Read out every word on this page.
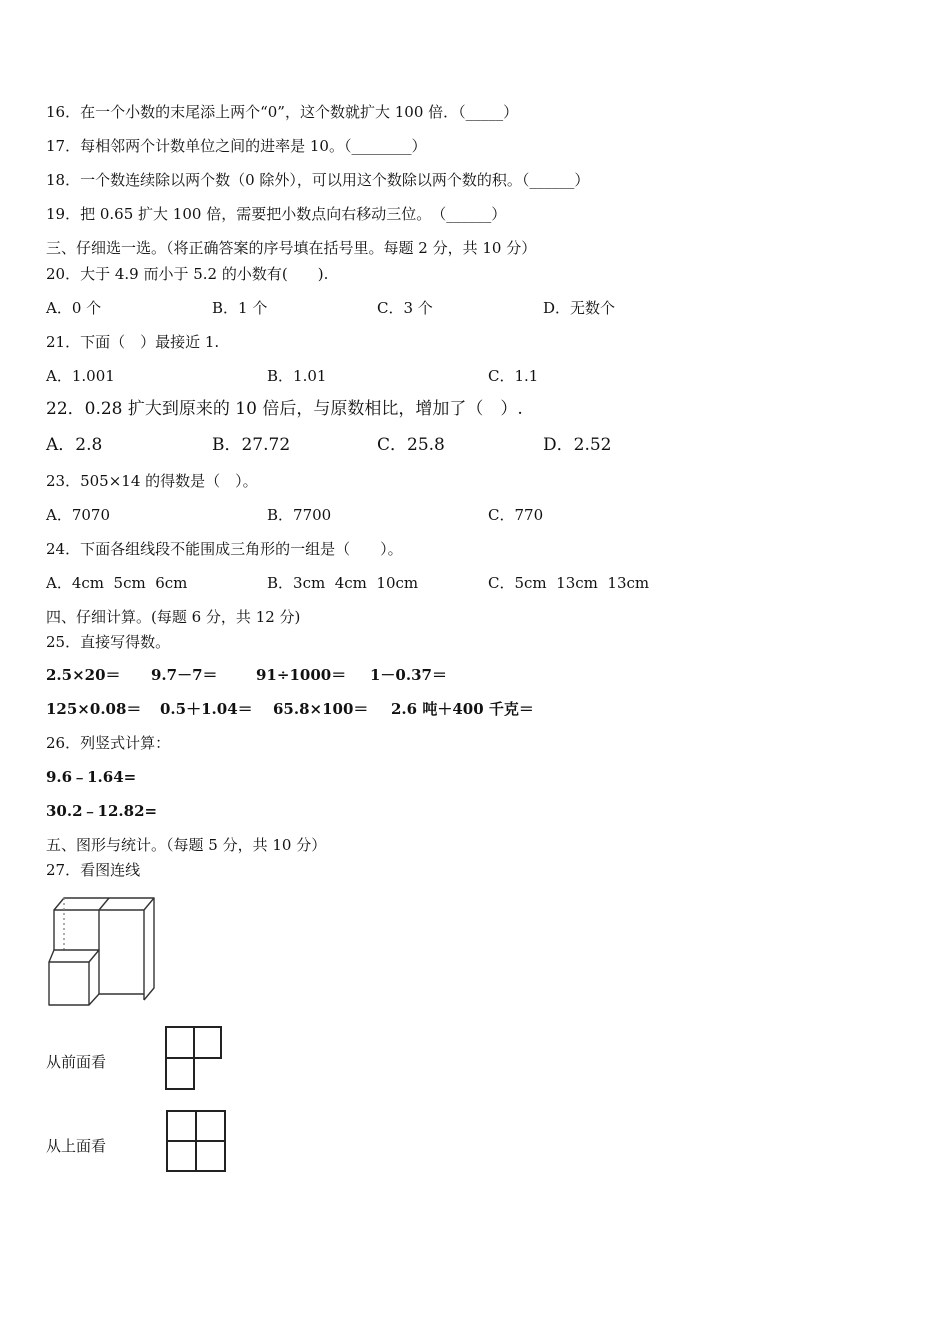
16．在一个小数的末尾添上两个“0”，这个数就扩大 100 倍．（_____）
17．每相邻两个计数单位之间的进率是 10。（________）
18．一个数连续除以两个数（0 除外），可以用这个数除以两个数的积。（______）
19．把 0.65 扩大 100 倍，需要把小数点向右移动三位。　（______）
三、仔细选一选。（将正确答案的序号填在括号里。每题 2 分，共 10 分）
20．大于 4.9 而小于 5.2 的小数有(　　).
A．0 个	B．1 个	C．3 个	D．无数个
21．下面（　）最接近 1.
A．1.001	B．1.01	C．1.1
22．0.28 扩大到原来的 10 倍后，与原数相比，增加了（　）.
A．2.8	B．27.72	C．25.8	D．2.52
23．505×14 的得数是（　）。
A．7070	B．7700	C．770
24．下面各组线段不能围成三角形的一组是（　　）。
A．4cm  5cm  6cm	B．3cm  4cm  10cm	C．5cm  13cm  13cm
四、仔细计算。(每题 6 分，共 12 分)
25．直接写得数。
2.5×20＝ 9.7－7＝	91÷1000＝ 1－0.37＝
125×0.08＝ 0.5＋1.04＝ 65.8×100＝ 2.6 吨＋400 千克＝
26．列竖式计算：
9.6﹣1.64=
30.2﹣12.82=
五、图形与统计。（每题 5 分，共 10 分）
27．看图连线
从前面看
从上面看
